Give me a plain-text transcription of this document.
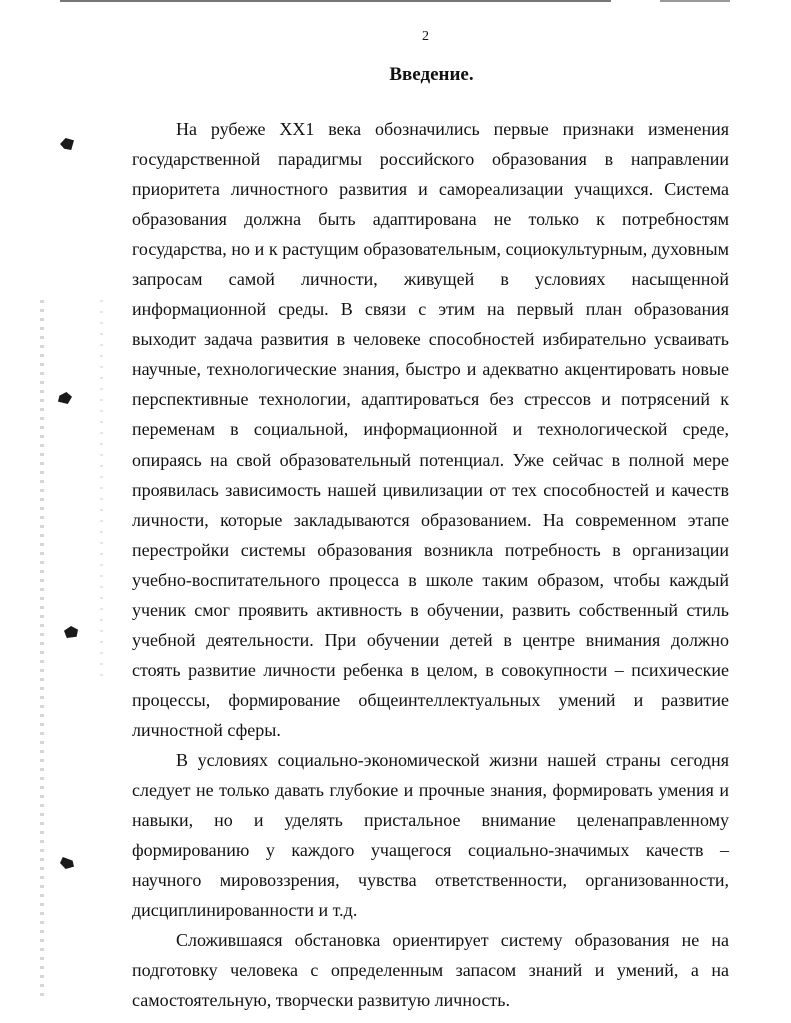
2
Введение.

На рубеже XX1 века обозначились первые признаки изменения государственной парадигмы российского образования в направлении приоритета личностного развития и самореализации учащихся. Система образования должна быть адаптирована не только к потребностям государства, но и к растущим образовательным, социокультурным, духовным запросам самой личности, живущей в условиях насыщенной информационной среды. В связи с этим на первый план образования выходит задача развития в человеке способностей избирательно усваивать научные, технологические знания, быстро и адекватно акцентировать новые перспективные технологии, адаптироваться без стрессов и потрясений к переменам в социальной, информационной и технологической среде, опираясь на свой образовательный потенциал. Уже сейчас в полной мере проявилась зависимость нашей цивилизации от тех способностей и качеств личности, которые закладываются образованием. На современном этапе перестройки системы образования возникла потребность в организации учебно-воспитательного процесса в школе таким образом, чтобы каждый ученик смог проявить активность в обучении, развить собственный стиль учебной деятельности. При обучении детей в центре внимания должно стоять развитие личности ребенка в целом, в совокупности – психические процессы, формирование общеинтеллектуальных умений и развитие личностной сферы.

В условиях социально-экономической жизни нашей страны сегодня следует не только давать глубокие и прочные знания, формировать умения и навыки, но и уделять пристальное внимание целенаправленному формированию у каждого учащегося социально-значимых качеств – научного мировоззрения, чувства ответственности, организованности, дисциплинированности и т.д.

Сложившаяся обстановка ориентирует систему образования не на подготовку человека с определенным запасом знаний и умений, а на самостоятельную, творчески развитую личность.
